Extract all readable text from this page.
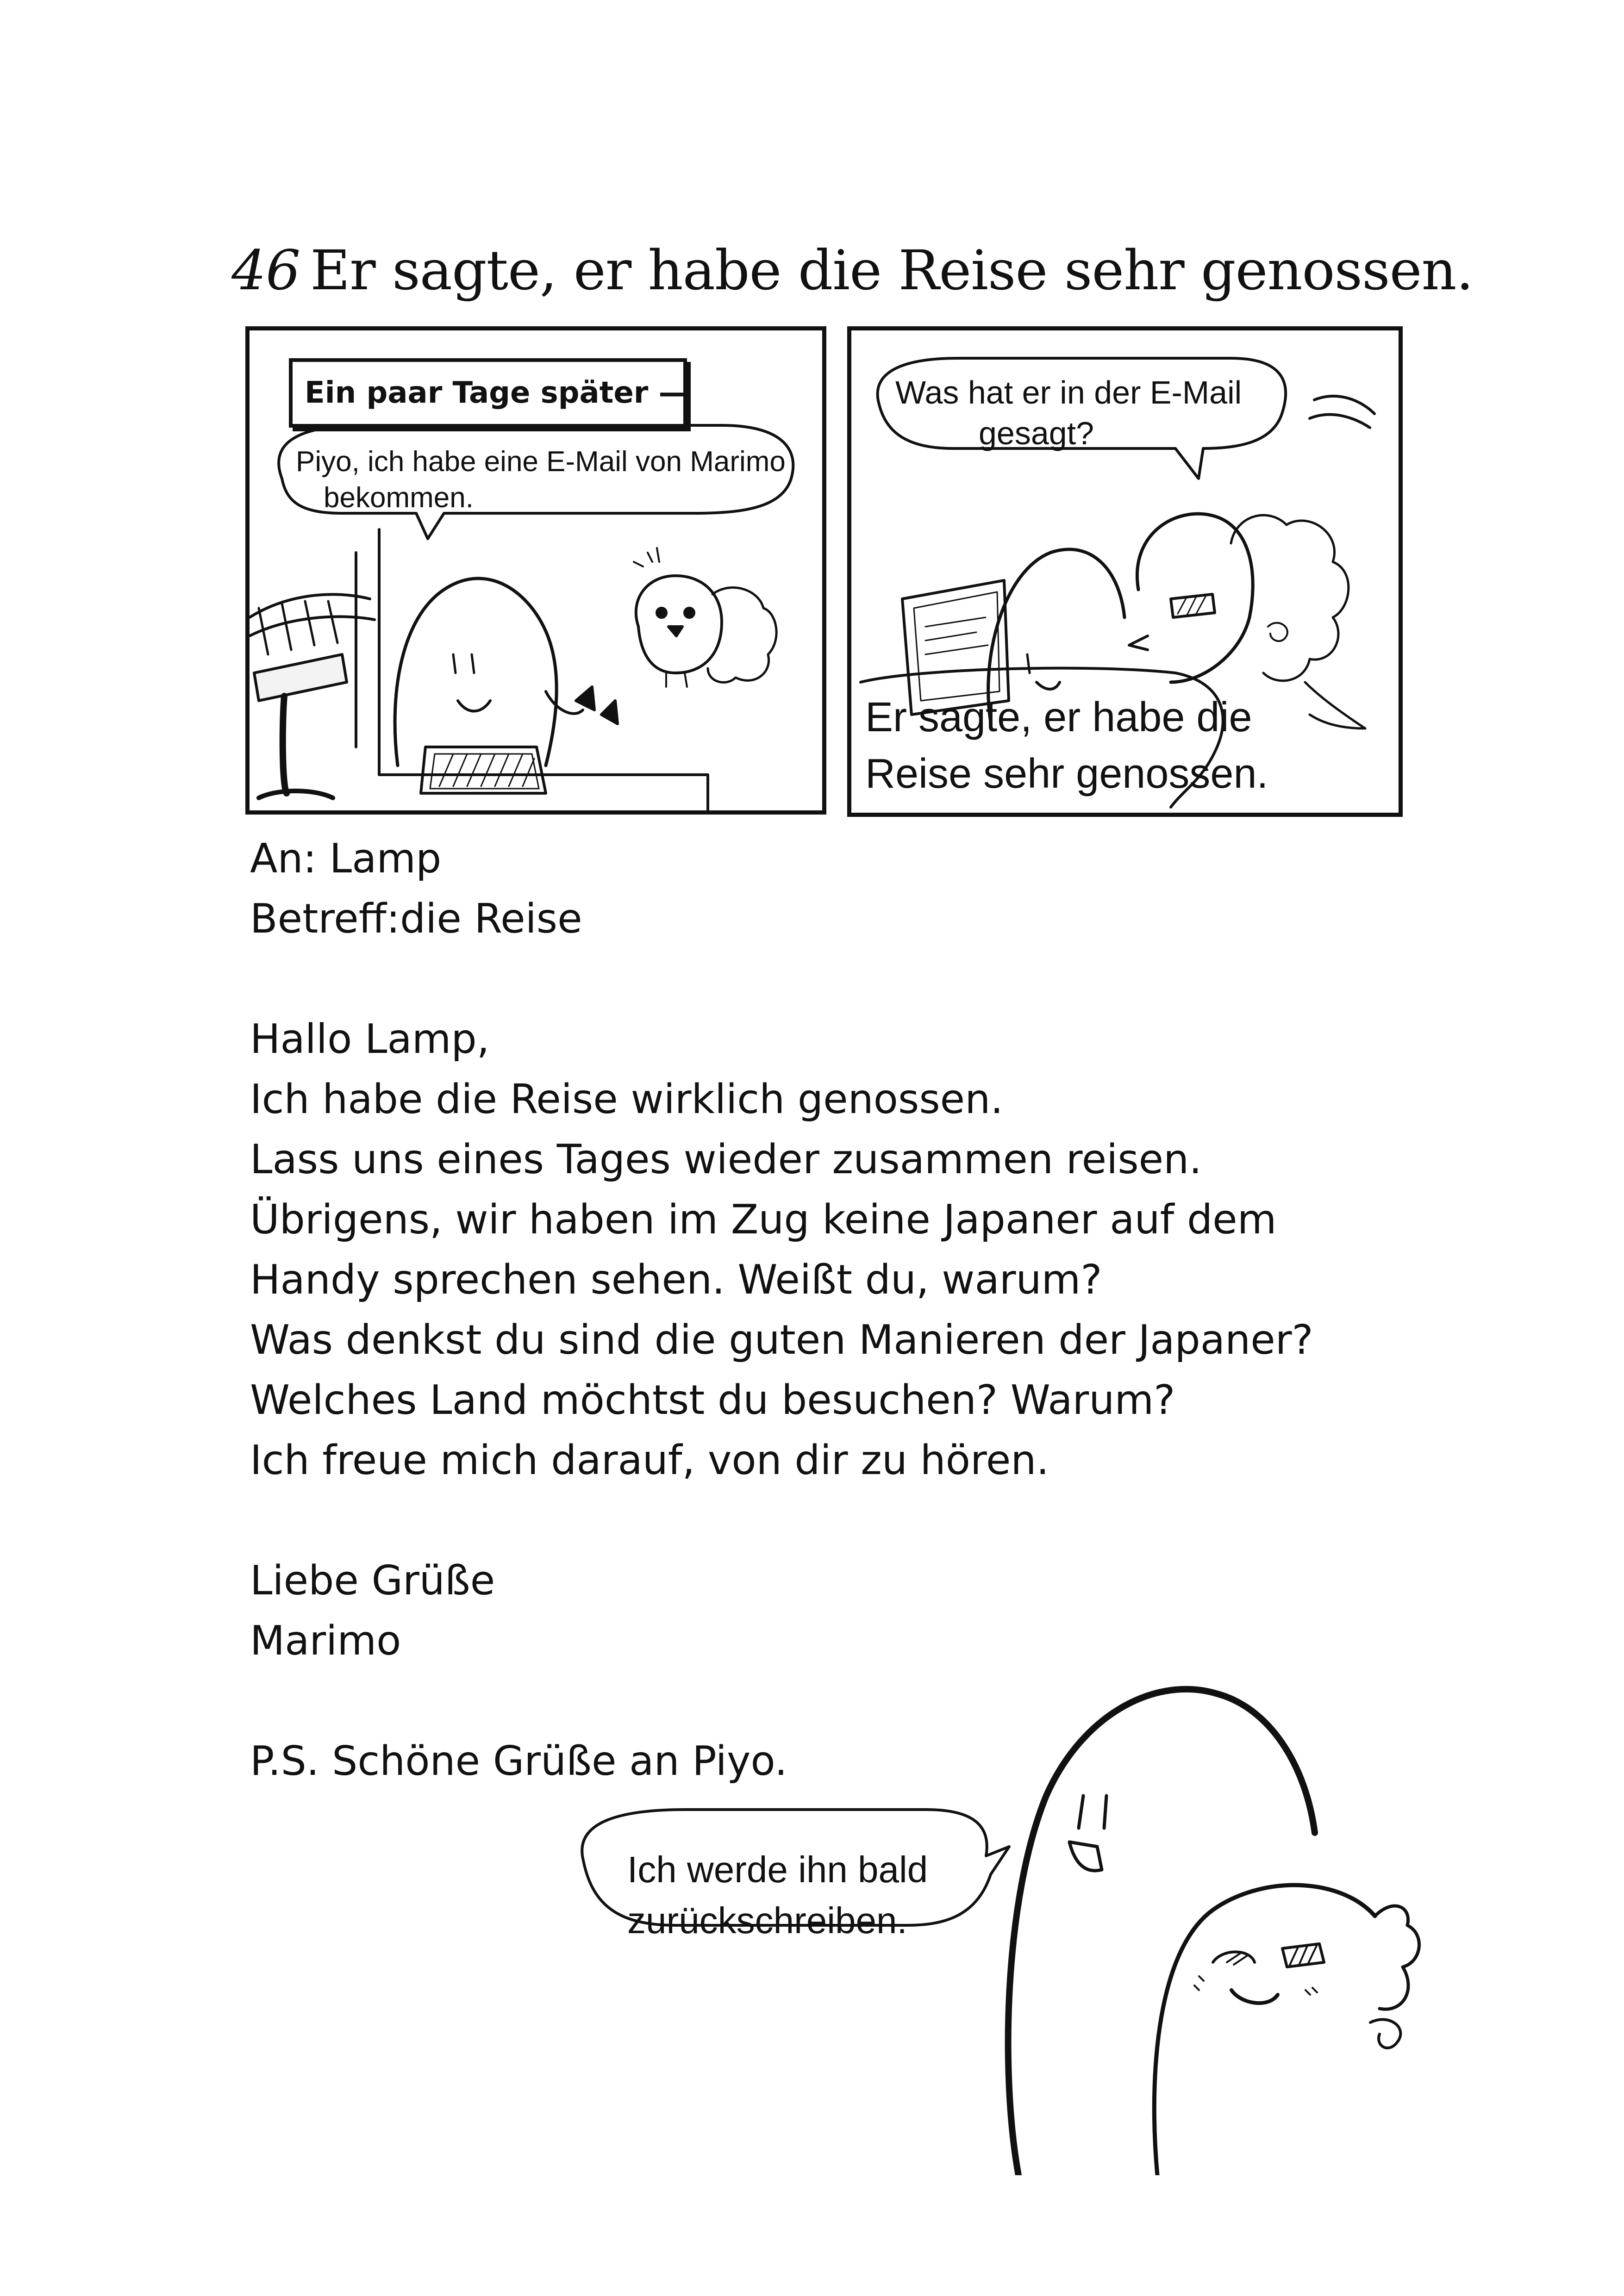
46 Er sagte, er habe die Reise sehr genossen.
Ein paar Tage später —
Piyo, ich habe eine E-Mail von Marimo
bekommen.
Was hat er in der E-Mail
gesagt?
Er sagte, er habe die
Reise sehr genossen.
An: Lamp
Betreff:die Reise
Hallo Lamp,
Ich habe die Reise wirklich genossen.
Lass uns eines Tages wieder zusammen reisen.
Übrigens, wir haben im Zug keine Japaner auf dem
Handy sprechen sehen. Weißt du, warum?
Was denkst du sind die guten Manieren der Japaner?
Welches Land möchtst du besuchen? Warum?
Ich freue mich darauf, von dir zu hören.
Liebe Grüße
Marimo
P.S. Schöne Grüße an Piyo.
Ich werde ihn bald
zurückschreiben.
